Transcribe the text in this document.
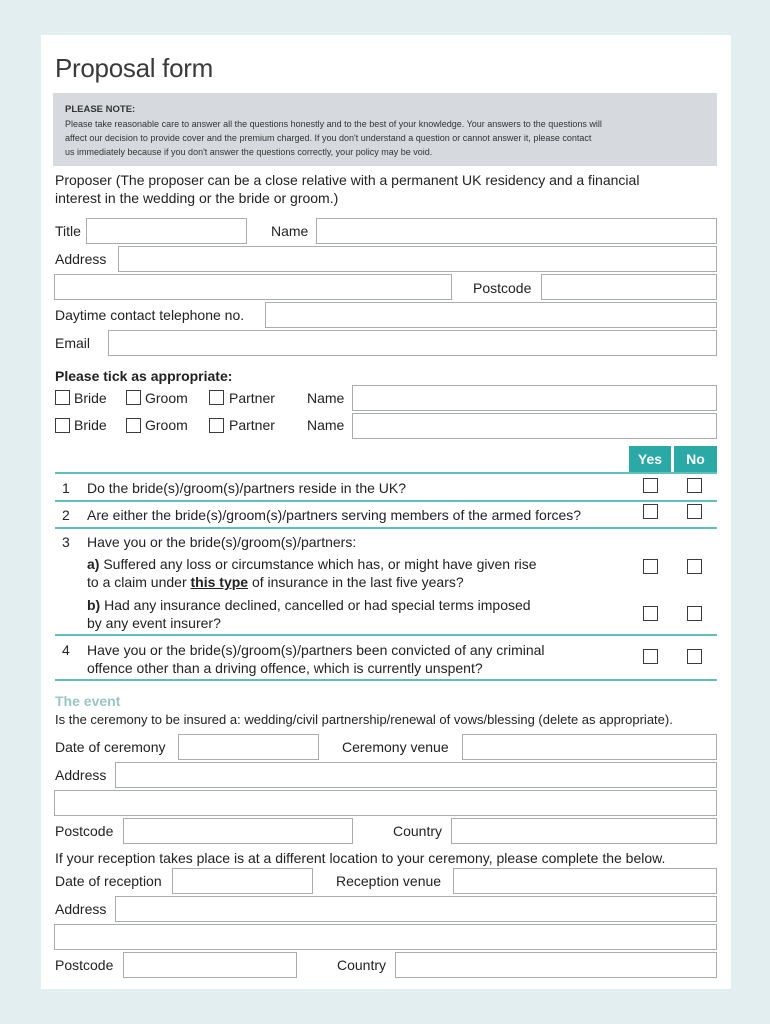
Proposal form
PLEASE NOTE:
Please take reasonable care to answer all the questions honestly and to the best of your knowledge. Your answers to the questions will
affect our decision to provide cover and the premium charged. If you don't understand a question or cannot answer it, please contact
us immediately because if you don't answer the questions correctly, your policy may be void.
Proposer (The proposer can be a close relative with a permanent UK residency and a financial
interest in the wedding or the bride or groom.)
Title	Name
Address
Postcode
Daytime contact telephone no.
Email
Please tick as appropriate:
Bride	Groom	Partner Name
Bride	Groom	Partner Name
Yes	No
1 Do the bride(s)/groom(s)/partners reside in the UK?
2 Are either the bride(s)/groom(s)/partners serving members of the armed forces?
3 Have you or the bride(s)/groom(s)/partners:
a) Suffered any loss or circumstance which has, or might have given rise
to a claim under this type of insurance in the last five years?
b) Had any insurance declined, cancelled or had special terms imposed
by any event insurer?
4 Have you or the bride(s)/groom(s)/partners been convicted of any criminal
offence other than a driving offence, which is currently unspent?
The event
Is the ceremony to be insured a: wedding/civil partnership/renewal of vows/blessing (delete as appropriate).
Date of ceremony	Ceremony venue
Address
Postcode	Country
If your reception takes place is at a different location to your ceremony, please complete the below.
Date of reception	Reception venue
Address
Postcode	Country
